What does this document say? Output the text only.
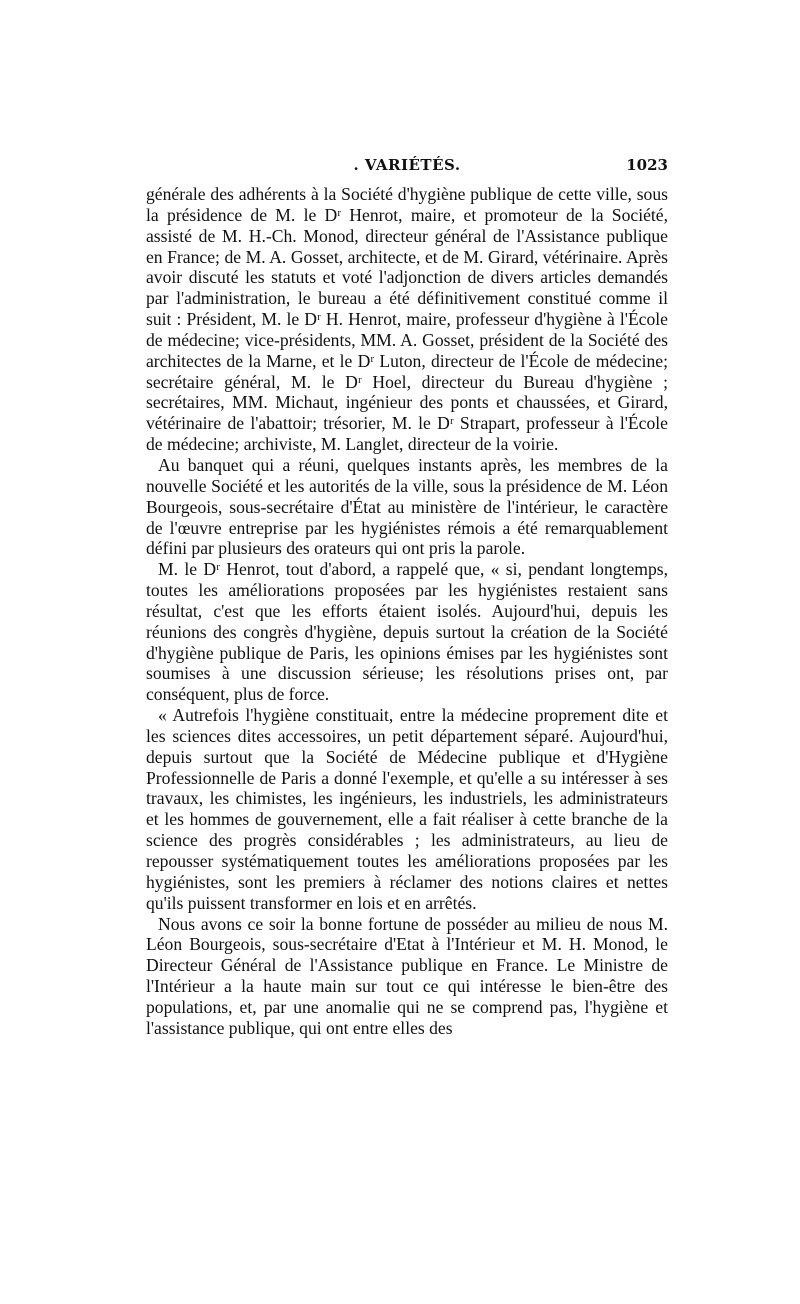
. VARIÉTÉS.	1023

générale des adhérents à la Société d'hygiène publique de cette ville, sous la présidence de M. le Dʳ Henrot, maire, et promoteur de la Société, assisté de M. H.-Ch. Monod, directeur général de l'Assistance publique en France; de M. A. Gosset, architecte, et de M. Girard, vétérinaire. Après avoir discuté les statuts et voté l'adjonction de divers articles demandés par l'administration, le bureau a été définitivement constitué comme il suit : Président, M. le Dʳ H. Henrot, maire, professeur d'hygiène à l'École de médecine; vice-présidents, MM. A. Gosset, président de la Société des architectes de la Marne, et le Dʳ Luton, directeur de l'École de médecine; secrétaire général, M. le Dʳ Hoel, directeur du Bureau d'hygiène ; secrétaires, MM. Michaut, ingénieur des ponts et chaussées, et Girard, vétérinaire de l'abattoir; trésorier, M. le Dʳ Strapart, professeur à l'École de médecine; archiviste, M. Langlet, directeur de la voirie.

Au banquet qui a réuni, quelques instants après, les membres de la nouvelle Société et les autorités de la ville, sous la présidence de M. Léon Bourgeois, sous-secrétaire d'État au ministère de l'intérieur, le caractère de l'œuvre entreprise par les hygiénistes rémois a été remarquablement défini par plusieurs des orateurs qui ont pris la parole.

M. le Dʳ Henrot, tout d'abord, a rappelé que, « si, pendant longtemps, toutes les améliorations proposées par les hygiénistes restaient sans résultat, c'est que les efforts étaient isolés. Aujourd'hui, depuis les réunions des congrès d'hygiène, depuis surtout la création de la Société d'hygiène publique de Paris, les opinions émises par les hygiénistes sont soumises à une discussion sérieuse; les résolutions prises ont, par conséquent, plus de force.

« Autrefois l'hygiène constituait, entre la médecine proprement dite et les sciences dites accessoires, un petit département séparé. Aujourd'hui, depuis surtout que la Société de Médecine publique et d'Hygiène Professionnelle de Paris a donné l'exemple, et qu'elle a su intéresser à ses travaux, les chimistes, les ingénieurs, les industriels, les administrateurs et les hommes de gouvernement, elle a fait réaliser à cette branche de la science des progrès considérables ; les administrateurs, au lieu de repousser systématiquement toutes les améliorations proposées par les hygiénistes, sont les premiers à réclamer des notions claires et nettes qu'ils puissent transformer en lois et en arrêtés.

Nous avons ce soir la bonne fortune de posséder au milieu de nous M. Léon Bourgeois, sous-secrétaire d'Etat à l'Intérieur et M. H. Monod, le Directeur Général de l'Assistance publique en France. Le Ministre de l'Intérieur a la haute main sur tout ce qui intéresse le bien-être des populations, et, par une anomalie qui ne se comprend pas, l'hygiène et l'assistance publique, qui ont entre elles des
